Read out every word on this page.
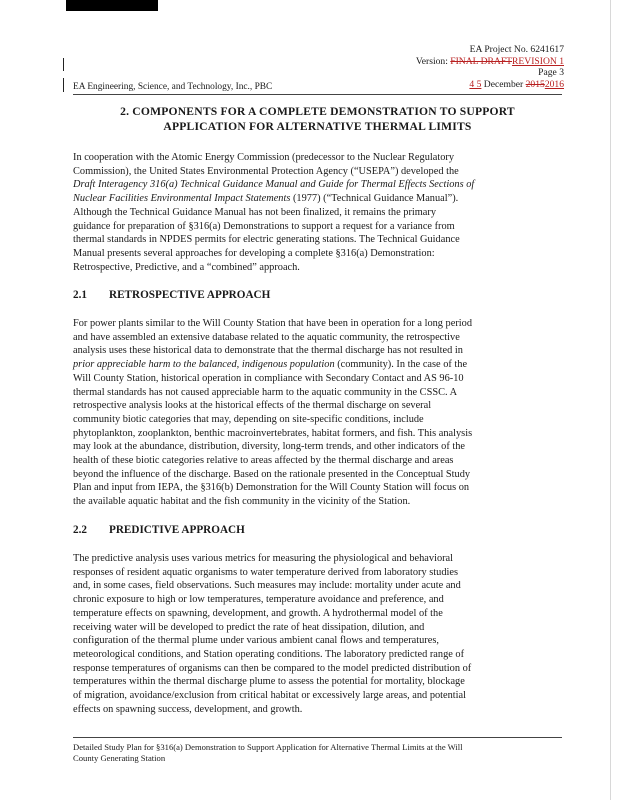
EA Project No. 6241617
Version: FINAL DRAFTREVISION 1
Page 3
4 5 December 20152016
EA Engineering, Science, and Technology, Inc., PBC
2. COMPONENTS FOR A COMPLETE DEMONSTRATION TO SUPPORT
APPLICATION FOR ALTERNATIVE THERMAL LIMITS

In cooperation with the Atomic Energy Commission (predecessor to the Nuclear Regulatory
Commission), the United States Environmental Protection Agency (“USEPA”) developed the
Draft Interagency 316(a) Technical Guidance Manual and Guide for Thermal Effects Sections of
Nuclear Facilities Environmental Impact Statements (1977) (“Technical Guidance Manual”).
Although the Technical Guidance Manual has not been finalized, it remains the primary
guidance for preparation of §316(a) Demonstrations to support a request for a variance from
thermal standards in NPDES permits for electric generating stations. The Technical Guidance
Manual presents several approaches for developing a complete §316(a) Demonstration:
Retrospective, Predictive, and a “combined” approach.

2.1 RETROSPECTIVE APPROACH

For power plants similar to the Will County Station that have been in operation for a long period
and have assembled an extensive database related to the aquatic community, the retrospective
analysis uses these historical data to demonstrate that the thermal discharge has not resulted in
prior appreciable harm to the balanced, indigenous population (community). In the case of the
Will County Station, historical operation in compliance with Secondary Contact and AS 96-10
thermal standards has not caused appreciable harm to the aquatic community in the CSSC. A
retrospective analysis looks at the historical effects of the thermal discharge on several
community biotic categories that may, depending on site-specific conditions, include
phytoplankton, zooplankton, benthic macroinvertebrates, habitat formers, and fish. This analysis
may look at the abundance, distribution, diversity, long-term trends, and other indicators of the
health of these biotic categories relative to areas affected by the thermal discharge and areas
beyond the influence of the discharge. Based on the rationale presented in the Conceptual Study
Plan and input from IEPA, the §316(b) Demonstration for the Will County Station will focus on
the available aquatic habitat and the fish community in the vicinity of the Station.

2.2 PREDICTIVE APPROACH

The predictive analysis uses various metrics for measuring the physiological and behavioral
responses of resident aquatic organisms to water temperature derived from laboratory studies
and, in some cases, field observations. Such measures may include: mortality under acute and
chronic exposure to high or low temperatures, temperature avoidance and preference, and
temperature effects on spawning, development, and growth. A hydrothermal model of the
receiving water will be developed to predict the rate of heat dissipation, dilution, and
configuration of the thermal plume under various ambient canal flows and temperatures,
meteorological conditions, and Station operating conditions. The laboratory predicted range of
response temperatures of organisms can then be compared to the model predicted distribution of
temperatures within the thermal discharge plume to assess the potential for mortality, blockage
of migration, avoidance/exclusion from critical habitat or excessively large areas, and potential
effects on spawning success, development, and growth.

Detailed Study Plan for §316(a) Demonstration to Support Application for Alternative Thermal Limits at the Will
County Generating Station
